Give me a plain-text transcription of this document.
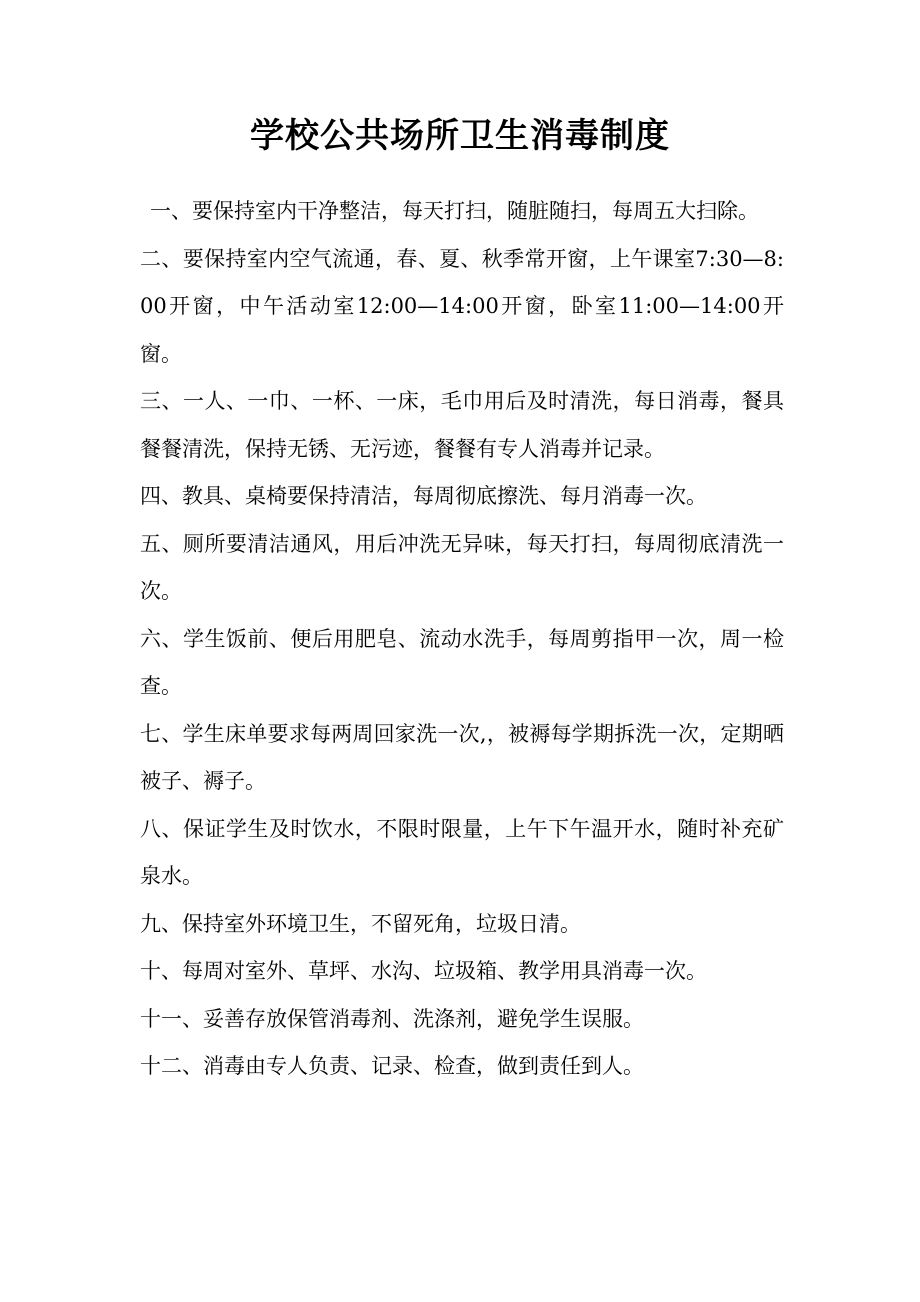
学校公共场所卫生消毒制度

一、要保持室内干净整洁，每天打扫，随脏随扫，每周五大扫除。

二、要保持室内空气流通，春、夏、秋季常开窗，上午课室7:30—8:00开窗，中午活动室12:00—14:00开窗，卧室11:00—14:00开窗。

三、一人、一巾、一杯、一床，毛巾用后及时清洗，每日消毒，餐具餐餐清洗，保持无锈、无污迹，餐餐有专人消毒并记录。

四、教具、桌椅要保持清洁，每周彻底擦洗、每月消毒一次。

五、厕所要清洁通风，用后冲洗无异味，每天打扫，每周彻底清洗一次。

六、学生饭前、便后用肥皂、流动水洗手，每周剪指甲一次，周一检查。

七、学生床单要求每两周回家洗一次,，被褥每学期拆洗一次，定期晒被子、褥子。

八、保证学生及时饮水，不限时限量，上午下午温开水，随时补充矿泉水。

九、保持室外环境卫生，不留死角，垃圾日清。

十、每周对室外、草坪、水沟、垃圾箱、教学用具消毒一次。

十一、妥善存放保管消毒剂、洗涤剂，避免学生误服。

十二、消毒由专人负责、记录、检查，做到责任到人。
